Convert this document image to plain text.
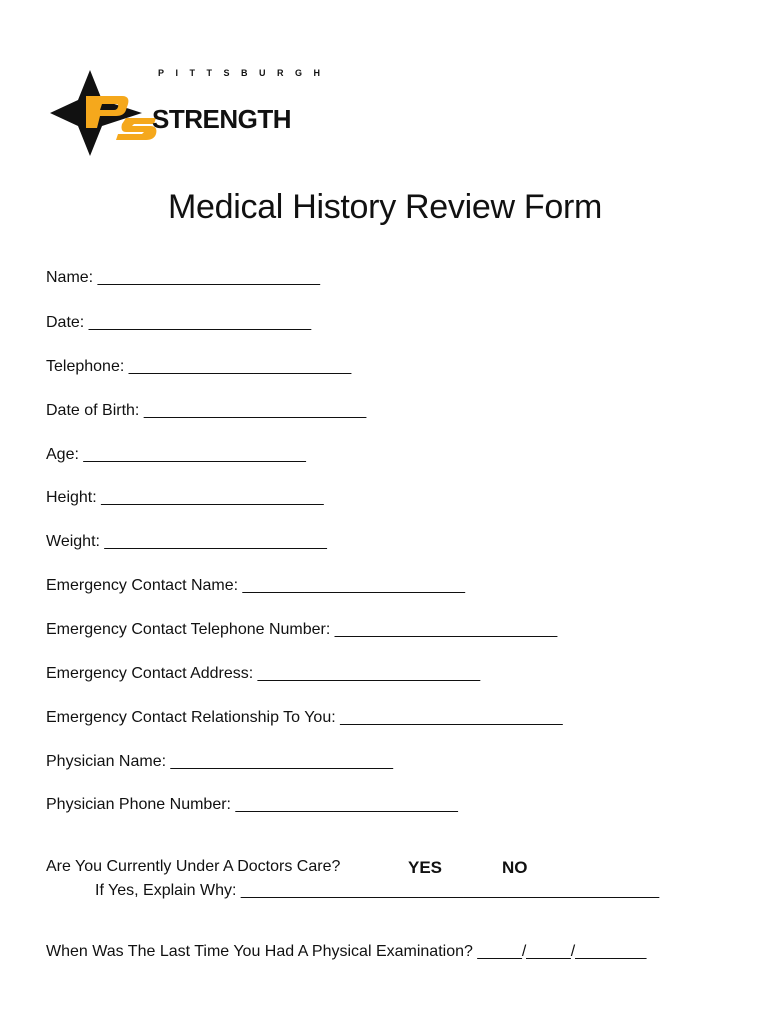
PITTSBURGH
STRENGTH
Medical History Review Form
Name: _________________________
Date: _________________________
Telephone: _________________________
Date of Birth: _________________________
Age: _________________________
Height: _________________________
Weight: _________________________
Emergency Contact Name: _________________________
Emergency Contact Telephone Number: _________________________
Emergency Contact Address: _________________________
Emergency Contact Relationship To You: _________________________
Physician Name: _________________________
Physician Phone Number: _________________________
Are You Currently Under A Doctors Care?	YES	NO
If Yes, Explain Why: _______________________________________________
When Was The Last Time You Had A Physical Examination? _____/_____/________
